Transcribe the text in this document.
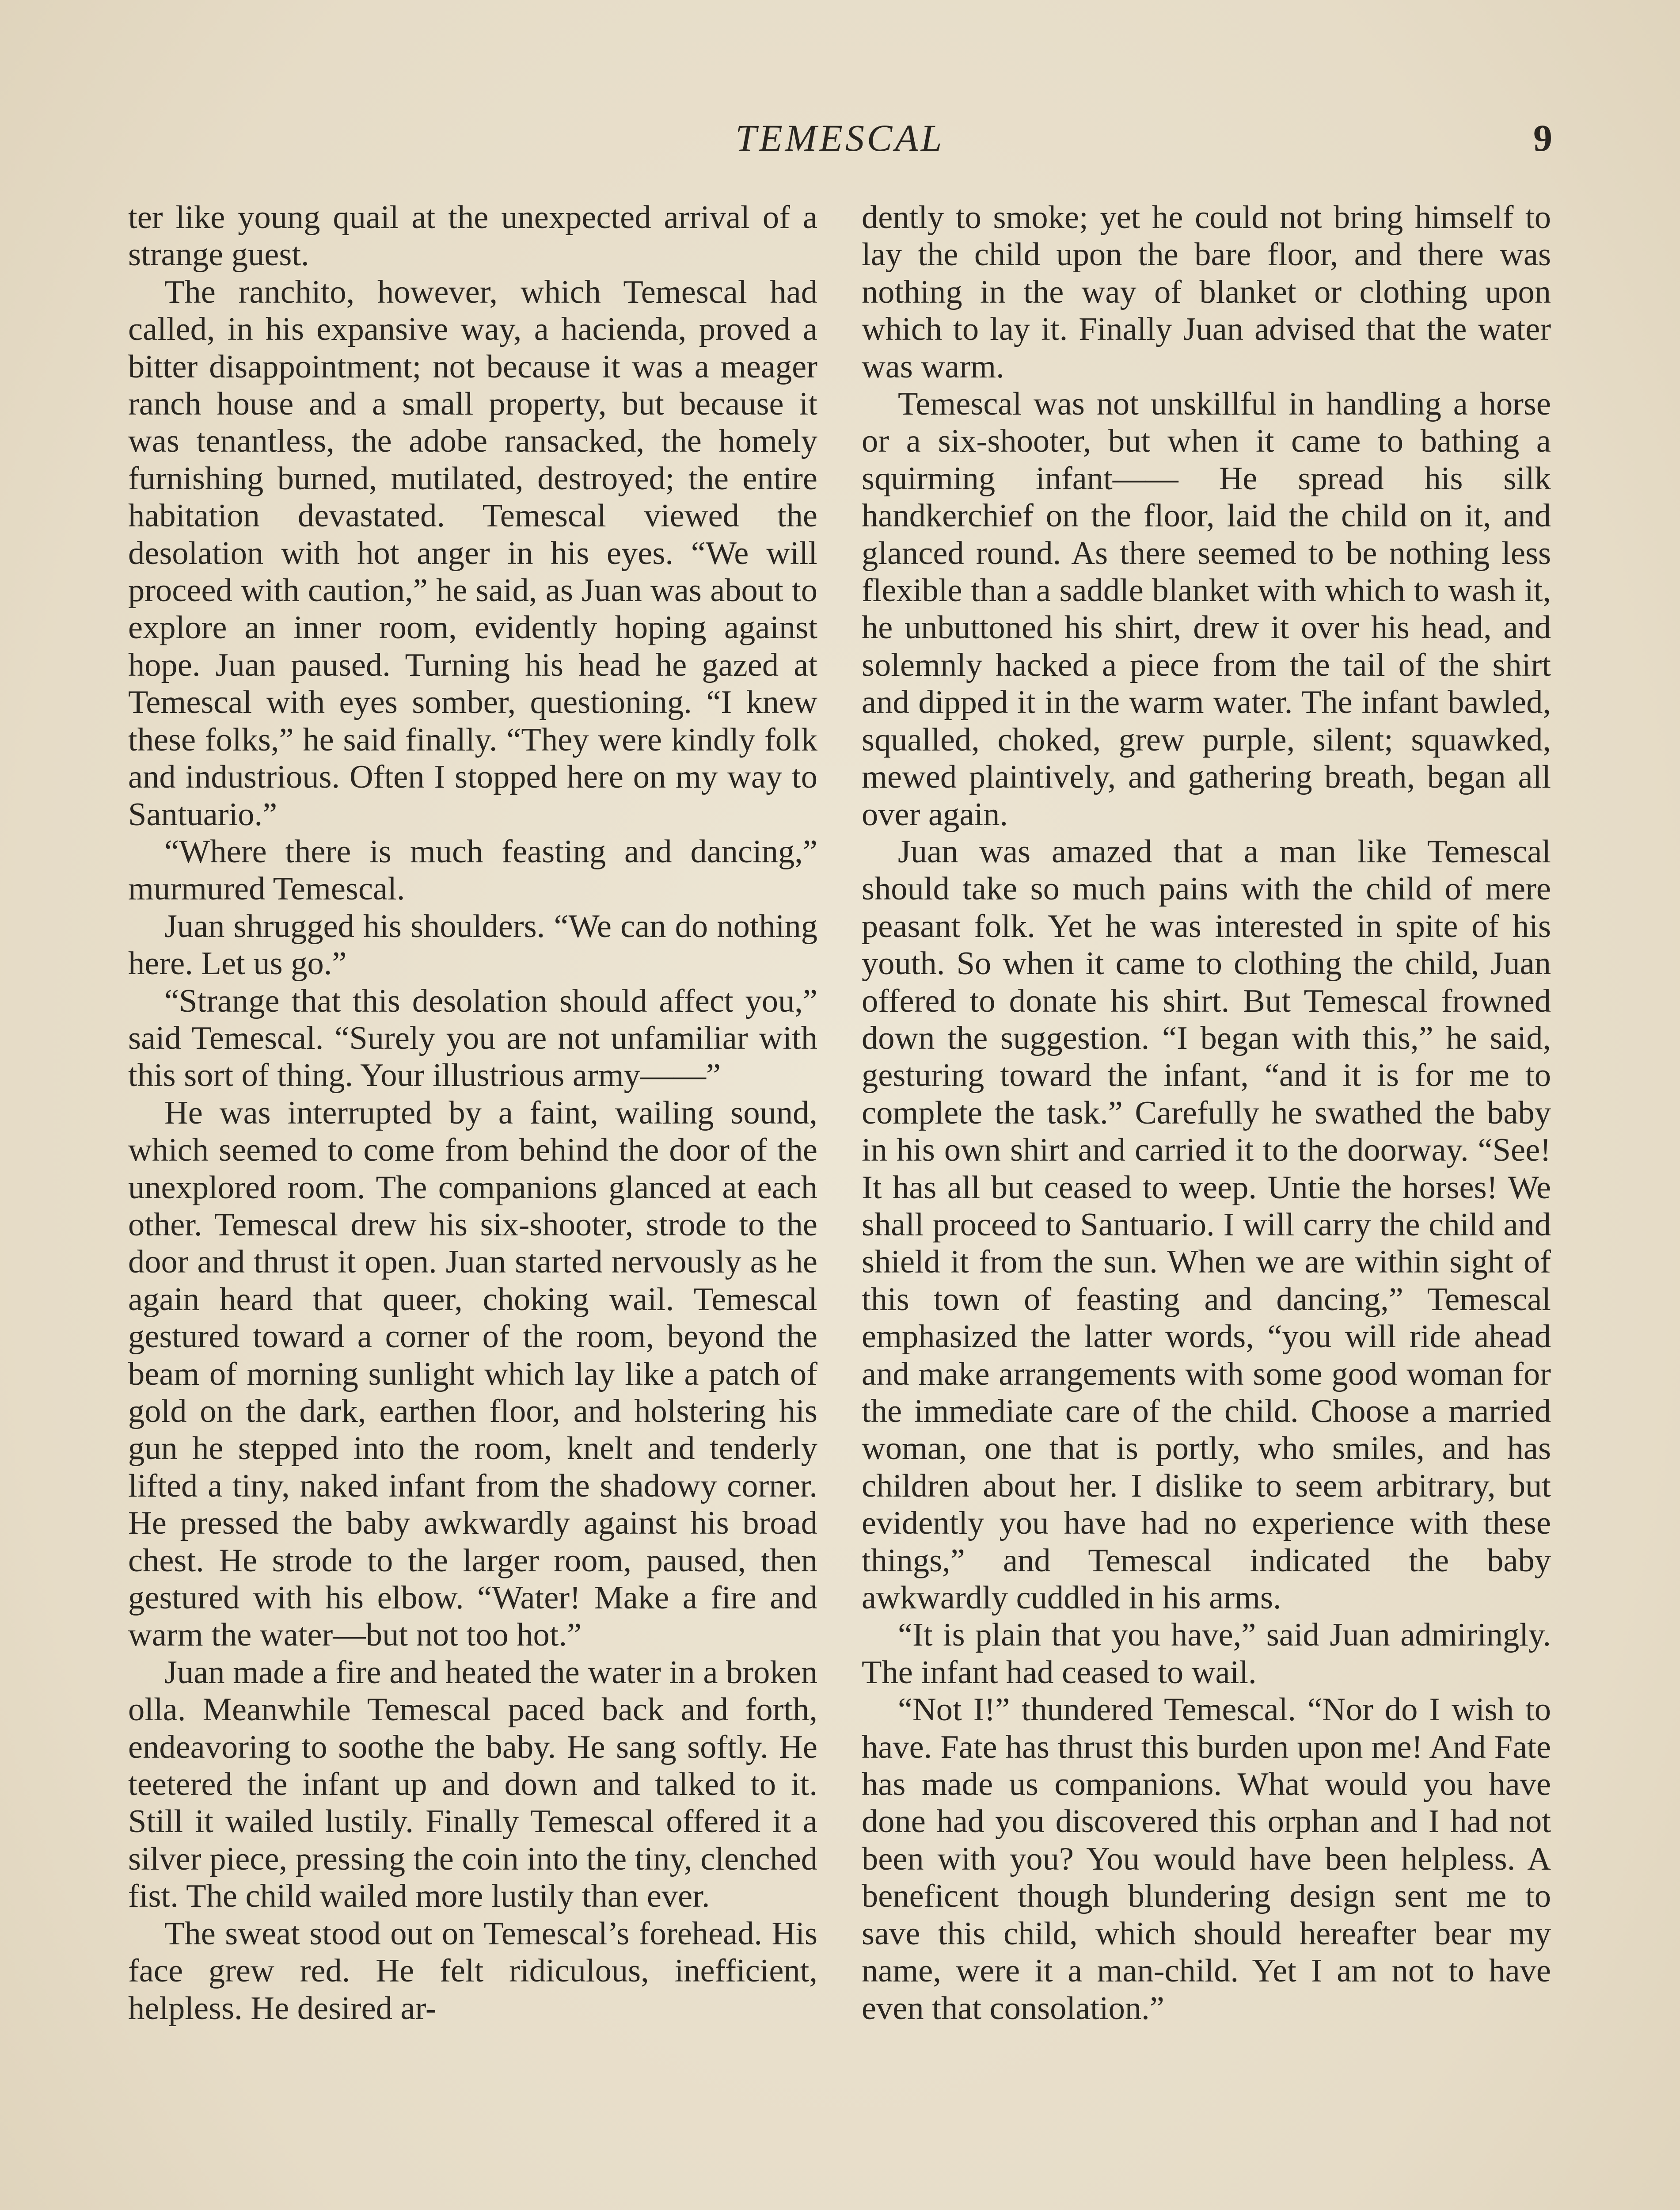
TEMESCAL	9

ter like young quail at the unexpected arrival of a strange guest.

The ranchito, however, which Temescal had called, in his expansive way, a hacienda, proved a bitter disappointment; not because it was a meager ranch house and a small property, but because it was tenantless, the adobe ransacked, the homely furnishing burned, mutilated, destroyed; the entire habitation devastated. Temescal viewed the desolation with hot anger in his eyes. “We will proceed with caution,” he said, as Juan was about to explore an inner room, evidently hoping against hope. Juan paused. Turning his head he gazed at Temescal with eyes somber, questioning. “I knew these folks,” he said finally. “They were kindly folk and industrious. Often I stopped here on my way to Santuario.”

“Where there is much feasting and dancing,” murmured Temescal.

Juan shrugged his shoulders. “We can do nothing here. Let us go.”

“Strange that this desolation should affect you,” said Temescal. “Surely you are not unfamiliar with this sort of thing. Your illustrious army——”

He was interrupted by a faint, wailing sound, which seemed to come from behind the door of the unexplored room. The companions glanced at each other. Temescal drew his six-shooter, strode to the door and thrust it open. Juan started nervously as he again heard that queer, choking wail. Temescal gestured toward a corner of the room, beyond the beam of morning sunlight which lay like a patch of gold on the dark, earthen floor, and holstering his gun he stepped into the room, knelt and tenderly lifted a tiny, naked infant from the shadowy corner. He pressed the baby awkwardly against his broad chest. He strode to the larger room, paused, then gestured with his elbow. “Water! Make a fire and warm the water—but not too hot.”

Juan made a fire and heated the water in a broken olla. Meanwhile Temescal paced back and forth, endeavoring to soothe the baby. He sang softly. He teetered the infant up and down and talked to it. Still it wailed lustily. Finally Temescal offered it a silver piece, pressing the coin into the tiny, clenched fist. The child wailed more lustily than ever.

The sweat stood out on Temescal’s forehead. His face grew red. He felt ridiculous, inefficient, helpless. He desired ar-

dently to smoke; yet he could not bring himself to lay the child upon the bare floor, and there was nothing in the way of blanket or clothing upon which to lay it. Finally Juan advised that the water was warm.

Temescal was not unskillful in handling a horse or a six-shooter, but when it came to bathing a squirming infant—— He spread his silk handkerchief on the floor, laid the child on it, and glanced round. As there seemed to be nothing less flexible than a saddle blanket with which to wash it, he unbuttoned his shirt, drew it over his head, and solemnly hacked a piece from the tail of the shirt and dipped it in the warm water. The infant bawled, squalled, choked, grew purple, silent; squawked, mewed plaintively, and gathering breath, began all over again.

Juan was amazed that a man like Temescal should take so much pains with the child of mere peasant folk. Yet he was interested in spite of his youth. So when it came to clothing the child, Juan offered to donate his shirt. But Temescal frowned down the suggestion. “I began with this,” he said, gesturing toward the infant, “and it is for me to complete the task.” Carefully he swathed the baby in his own shirt and carried it to the doorway. “See! It has all but ceased to weep. Untie the horses! We shall proceed to Santuario. I will carry the child and shield it from the sun. When we are within sight of this town of feasting and dancing,” Temescal emphasized the latter words, “you will ride ahead and make arrangements with some good woman for the immediate care of the child. Choose a married woman, one that is portly, who smiles, and has children about her. I dislike to seem arbitrary, but evidently you have had no experience with these things,” and Temescal indicated the baby awkwardly cuddled in his arms.

“It is plain that you have,” said Juan admiringly. The infant had ceased to wail.

“Not I!” thundered Temescal. “Nor do I wish to have. Fate has thrust this burden upon me! And Fate has made us companions. What would you have done had you discovered this orphan and I had not been with you? You would have been helpless. A beneficent though blundering design sent me to save this child, which should hereafter bear my name, were it a man-child. Yet I am not to have even that consolation.”
